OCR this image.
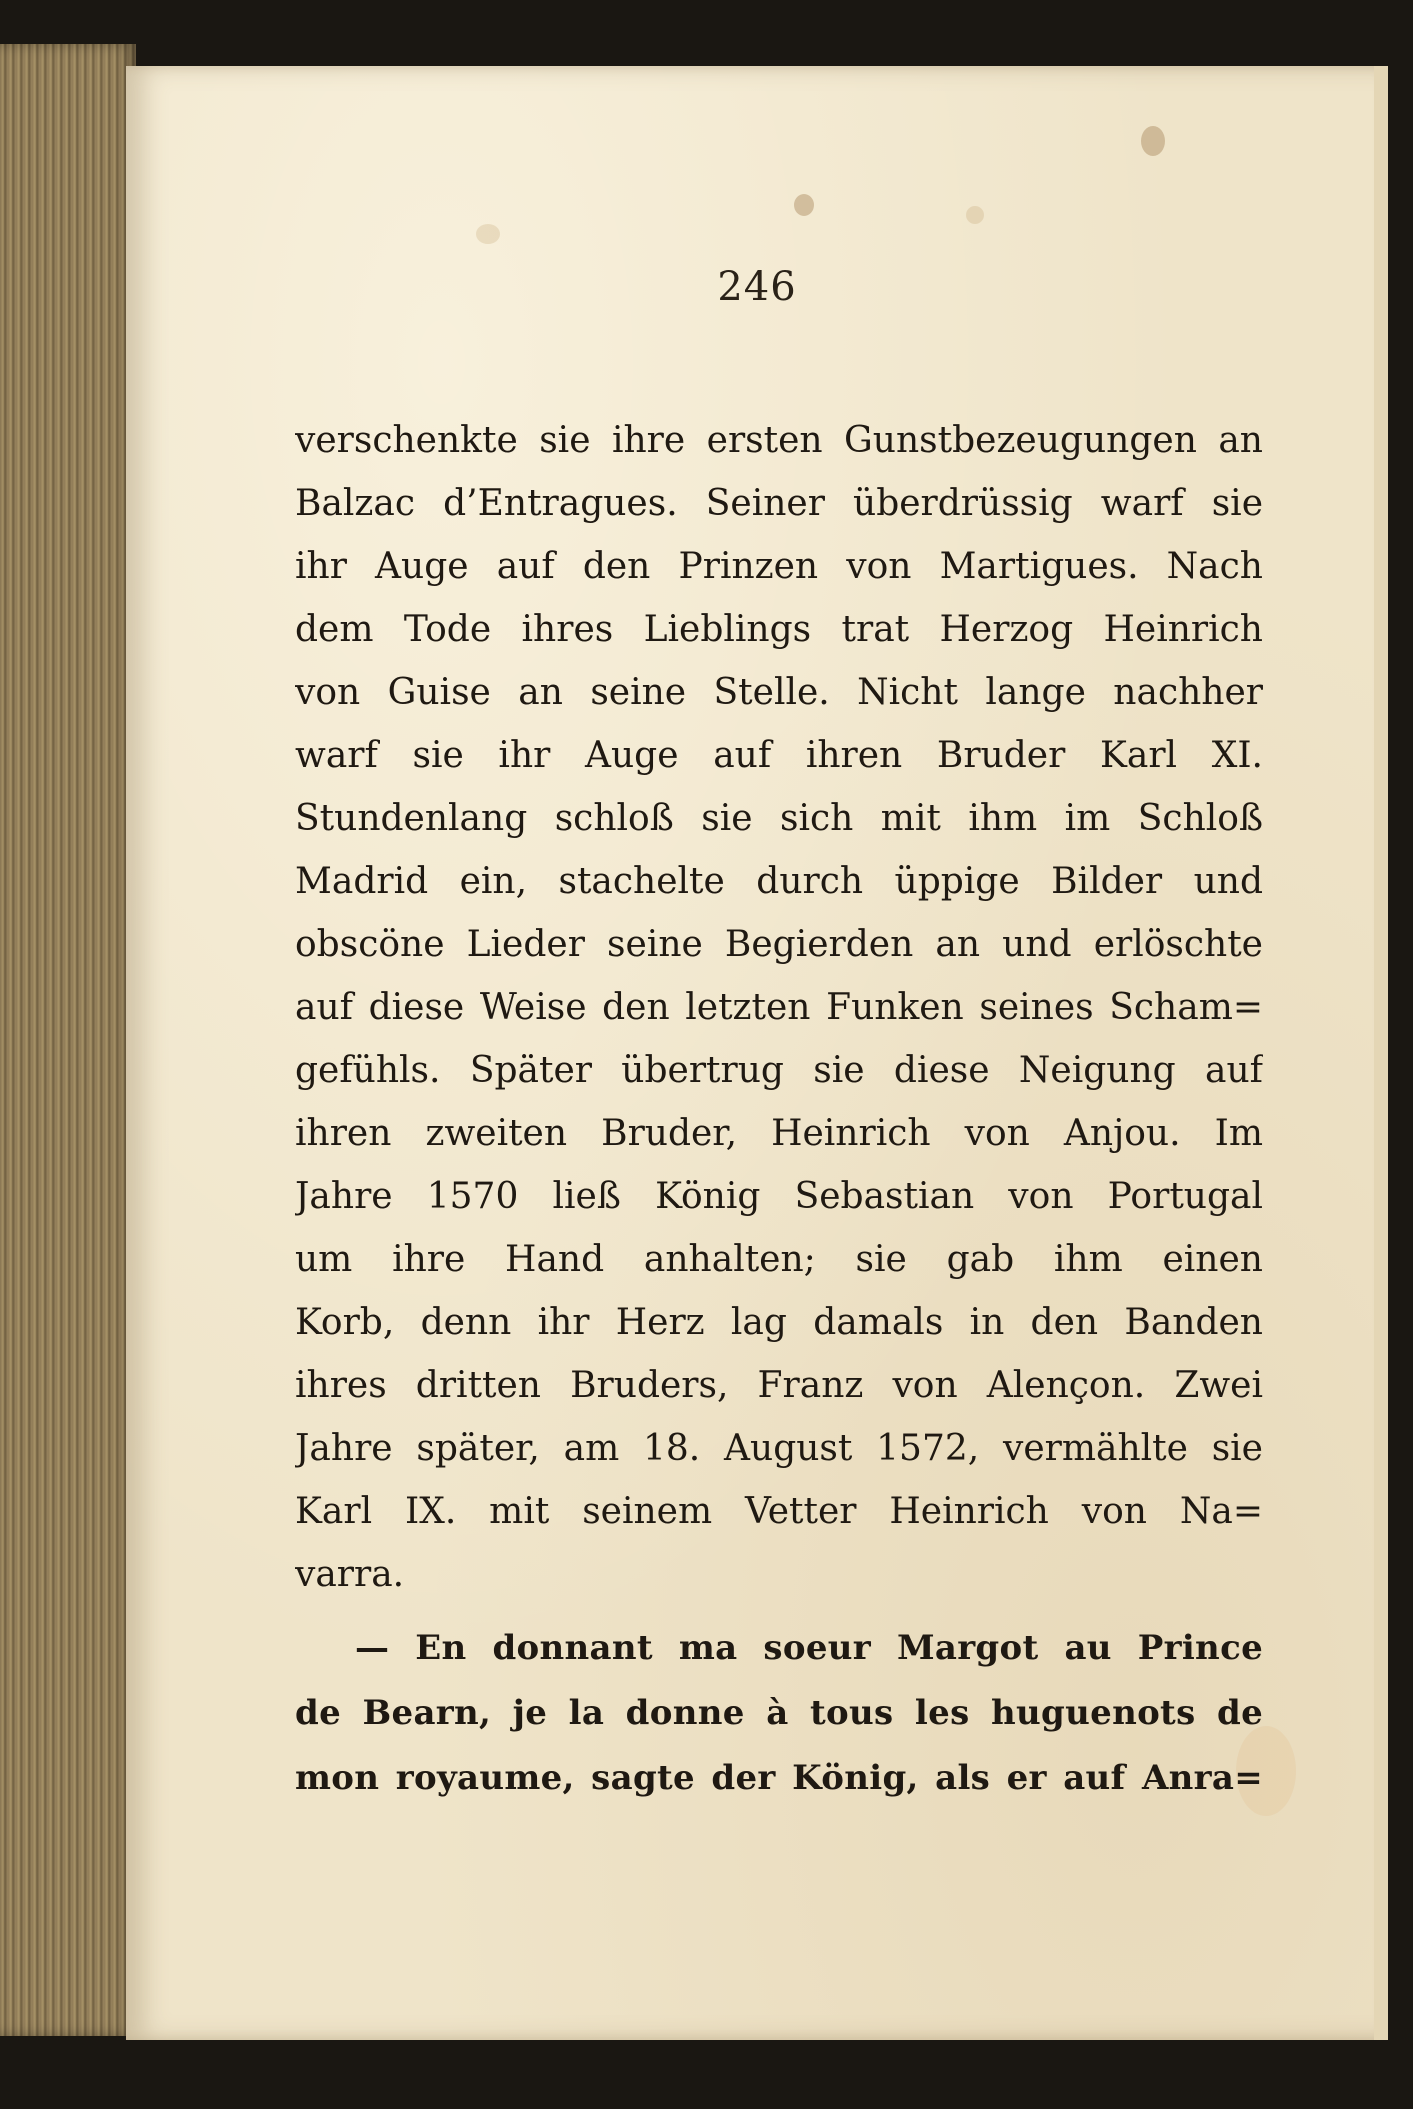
246
verschenkte sie ihre ersten Gunstbezeugungen an
Balzac d’Entragues. Seiner überdrüssig warf sie
ihr Auge auf den Prinzen von Martigues. Nach
dem Tode ihres Lieblings trat Herzog Heinrich
von Guise an seine Stelle. Nicht lange nachher
warf sie ihr Auge auf ihren Bruder Karl XI.
Stundenlang schloß sie sich mit ihm im Schloß
Madrid ein, stachelte durch üppige Bilder und
obscöne Lieder seine Begierden an und erlöschte
auf diese Weise den letzten Funken seines Scham=
gefühls. Später übertrug sie diese Neigung auf
ihren zweiten Bruder, Heinrich von Anjou. Im
Jahre 1570 ließ König Sebastian von Portugal
um ihre Hand anhalten; sie gab ihm einen
Korb, denn ihr Herz lag damals in den Banden
ihres dritten Bruders, Franz von Alençon. Zwei
Jahre später, am 18. August 1572, vermählte sie
Karl IX. mit seinem Vetter Heinrich von Na=
varra.
— En donnant ma soeur Margot au Prince
de Bearn, je la donne à tous les huguenots de
mon royaume, sagte der König, als er auf Anra=
